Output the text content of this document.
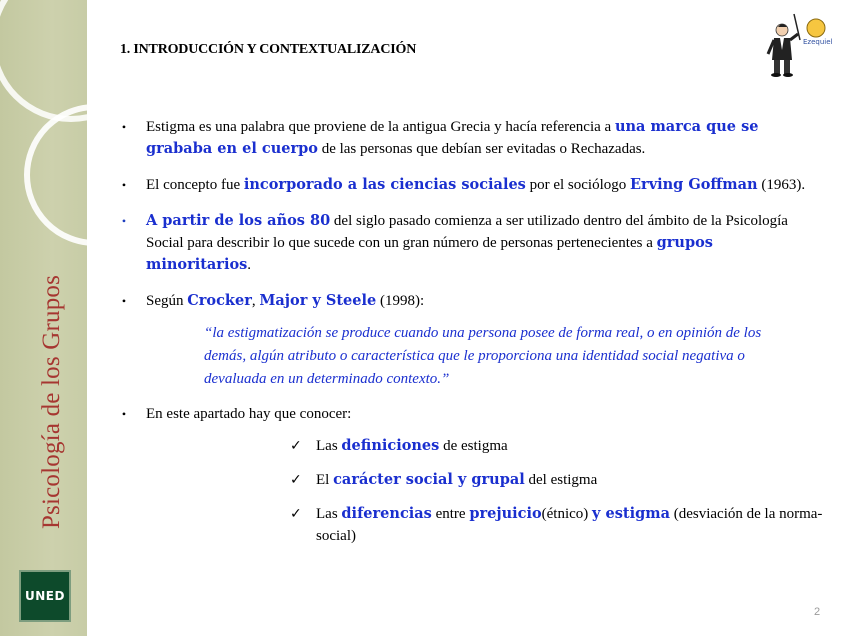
Psicología de los Grupos
UNED
Ezequiel
1. INTRODUCCIÓN Y CONTEXTUALIZACIÓN
• Estigma es una palabra que proviene de la antigua Grecia y hacía referencia a una marca que se grababa en el cuerpo de las personas que debían ser evitadas o Rechazadas.
• El concepto fue incorporado a las ciencias sociales por el sociólogo Erving Goffman (1963).
• A partir de los años 80 del siglo pasado comienza a ser utilizado dentro del ámbito de la Psicología Social para describir lo que sucede con un gran número de personas pertenecientes a grupos minoritarios.
• Según Crocker, Major y Steele (1998):
“la estigmatización se produce cuando una persona posee de forma real, o en opinión de los demás, algún atributo o característica que le proporciona una identidad social negativa o devaluada en un determinado contexto.”
• En este apartado hay que conocer:
✓ Las definiciones de estigma
✓ El carácter social y grupal del estigma
✓ Las diferencias entre prejuicio(étnico) y estigma (desviación de la norma-social)
2
